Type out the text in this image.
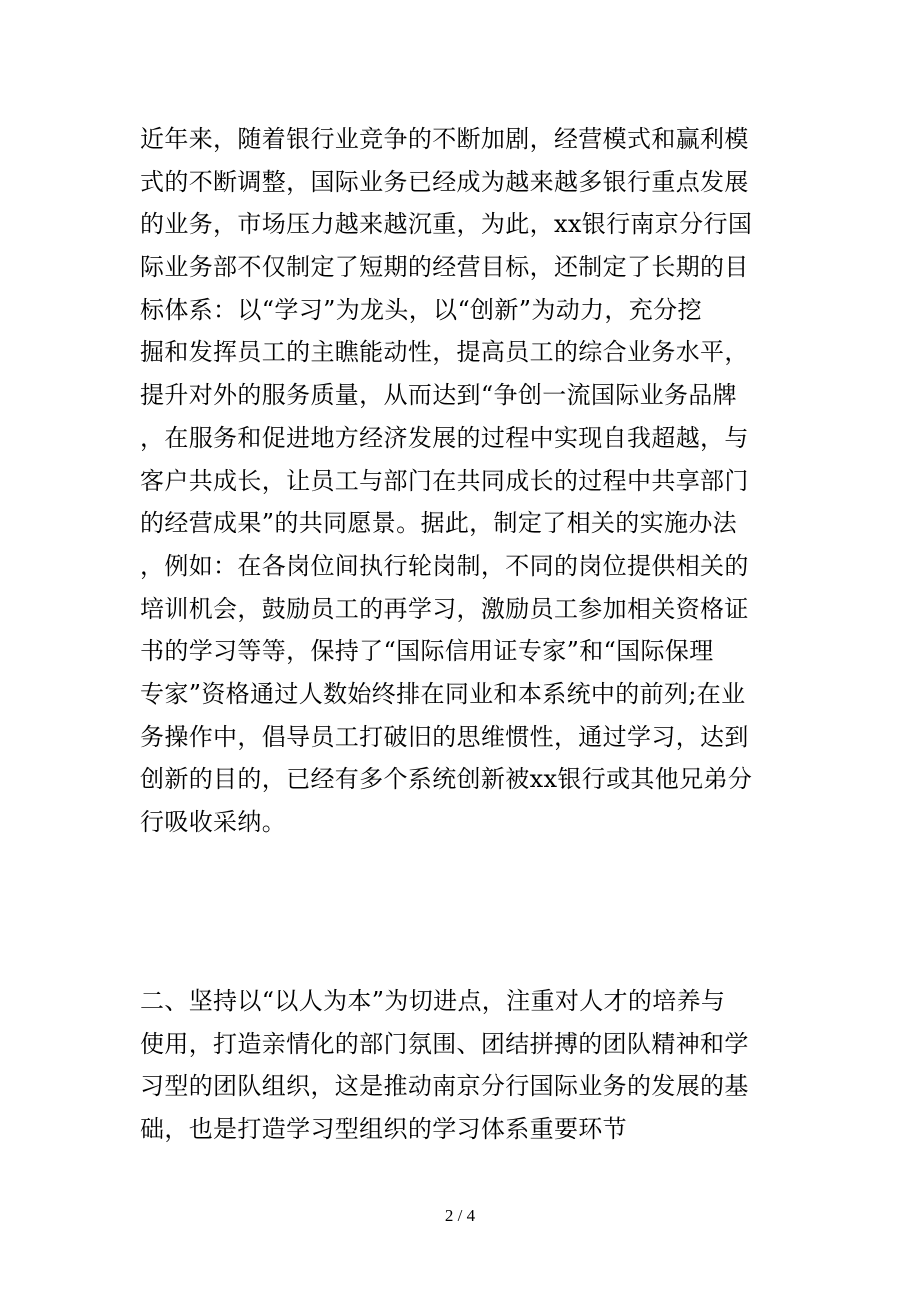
近年来，随着银行业竞争的不断加剧，经营模式和赢利模
式的不断调整，国际业务已经成为越来越多银行重点发展
的业务，市场压力越来越沉重，为此，xx银行南京分行国
际业务部不仅制定了短期的经营目标，还制定了长期的目
标体系：以“学习”为龙头，以“创新”为动力，充分挖
掘和发挥员工的主瞧能动性，提高员工的综合业务水平，
提升对外的服务质量，从而达到“争创一流国际业务品牌
，在服务和促进地方经济发展的过程中实现自我超越，与
客户共成长，让员工与部门在共同成长的过程中共享部门
的经营成果”的共同愿景。据此，制定了相关的实施办法
，例如：在各岗位间执行轮岗制，不同的岗位提供相关的
培训机会，鼓励员工的再学习，激励员工参加相关资格证
书的学习等等，保持了“国际信用证专家”和“国际保理
专家”资格通过人数始终排在同业和本系统中的前列;在业
务操作中，倡导员工打破旧的思维惯性，通过学习，达到
创新的目的，已经有多个系统创新被xx银行或其他兄弟分
行吸收采纳。
二、坚持以“以人为本”为切进点，注重对人才的培养与
使用，打造亲情化的部门氛围、团结拼搏的团队精神和学
习型的团队组织，这是推动南京分行国际业务的发展的基
础，也是打造学习型组织的学习体系重要环节
2 / 4
